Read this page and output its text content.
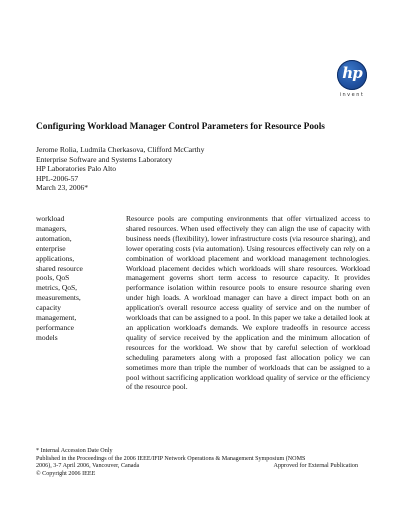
hp
invent
Configuring Workload Manager Control Parameters for Resource Pools
Jerome Rolia, Ludmila Cherkasova, Clifford McCarthy
Enterprise Software and Systems Laboratory
HP Laboratories Palo Alto
HPL-2006-57
March 23, 2006*
workload
managers,
automation,
enterprise
applications,
shared resource
pools, QoS
metrics, QoS,
measurements,
capacity
management,
performance
models
Resource pools are computing environments that offer virtualized access to shared resources. When used effectively they can align the use of capacity with business needs (flexibility), lower infrastructure costs (via resource sharing), and lower operating costs (via automation). Using resources effectively can rely on a combination of workload placement and workload management technologies. Workload placement decides which workloads will share resources. Workload management governs short term access to resource capacity. It provides performance isolation within resource pools to ensure resource sharing even under high loads. A workload manager can have a direct impact both on an application's overall resource access quality of service and on the number of workloads that can be assigned to a pool. In this paper we take a detailed look at an application workload's demands. We explore tradeoffs in resource access quality of service received by the application and the minimum allocation of resources for the workload. We show that by careful selection of workload scheduling parameters along with a proposed fast allocation policy we can sometimes more than triple the number of workloads that can be assigned to a pool without sacrificing application workload quality of service or the efficiency of the resource pool.
* Internal Accession Date Only
Published in the Proceedings of the 2006 IEEE/IFIP Network Operations & Management Symposium (NOMS
2006), 3-7 April 2006, Vancouver, Canada	Approved for External Publication
© Copyright 2006 IEEE
